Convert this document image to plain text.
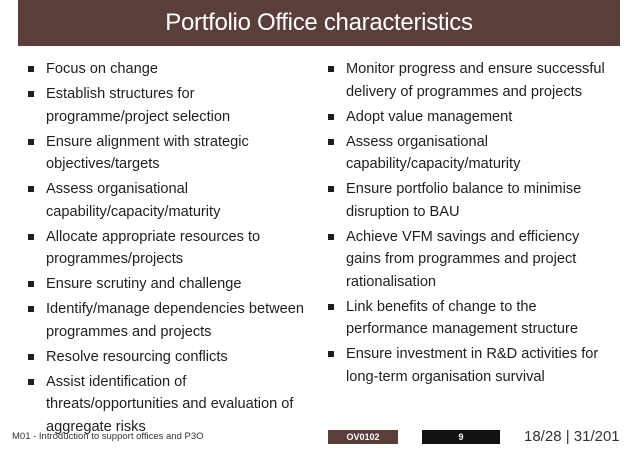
Portfolio Office characteristics
Focus on change
Establish structures for programme/project selection
Ensure alignment with strategic objectives/targets
Assess organisational capability/capacity/maturity
Allocate appropriate resources to programmes/projects
Ensure scrutiny and challenge
Identify/manage dependencies between programmes and projects
Resolve resourcing conflicts
Assist identification of threats/opportunities and evaluation of aggregate risks
Monitor progress and ensure successful delivery of programmes and projects
Adopt value management
Assess organisational capability/capacity/maturity
Ensure portfolio balance to minimise disruption to BAU
Achieve VFM savings and efficiency gains from programmes and project rationalisation
Link benefits of change to the performance management structure
Ensure investment in R&D activities for long-term organisation survival
M01 - Introduction to support offices and P3O	OV0102	9	18/28 | 31/201
